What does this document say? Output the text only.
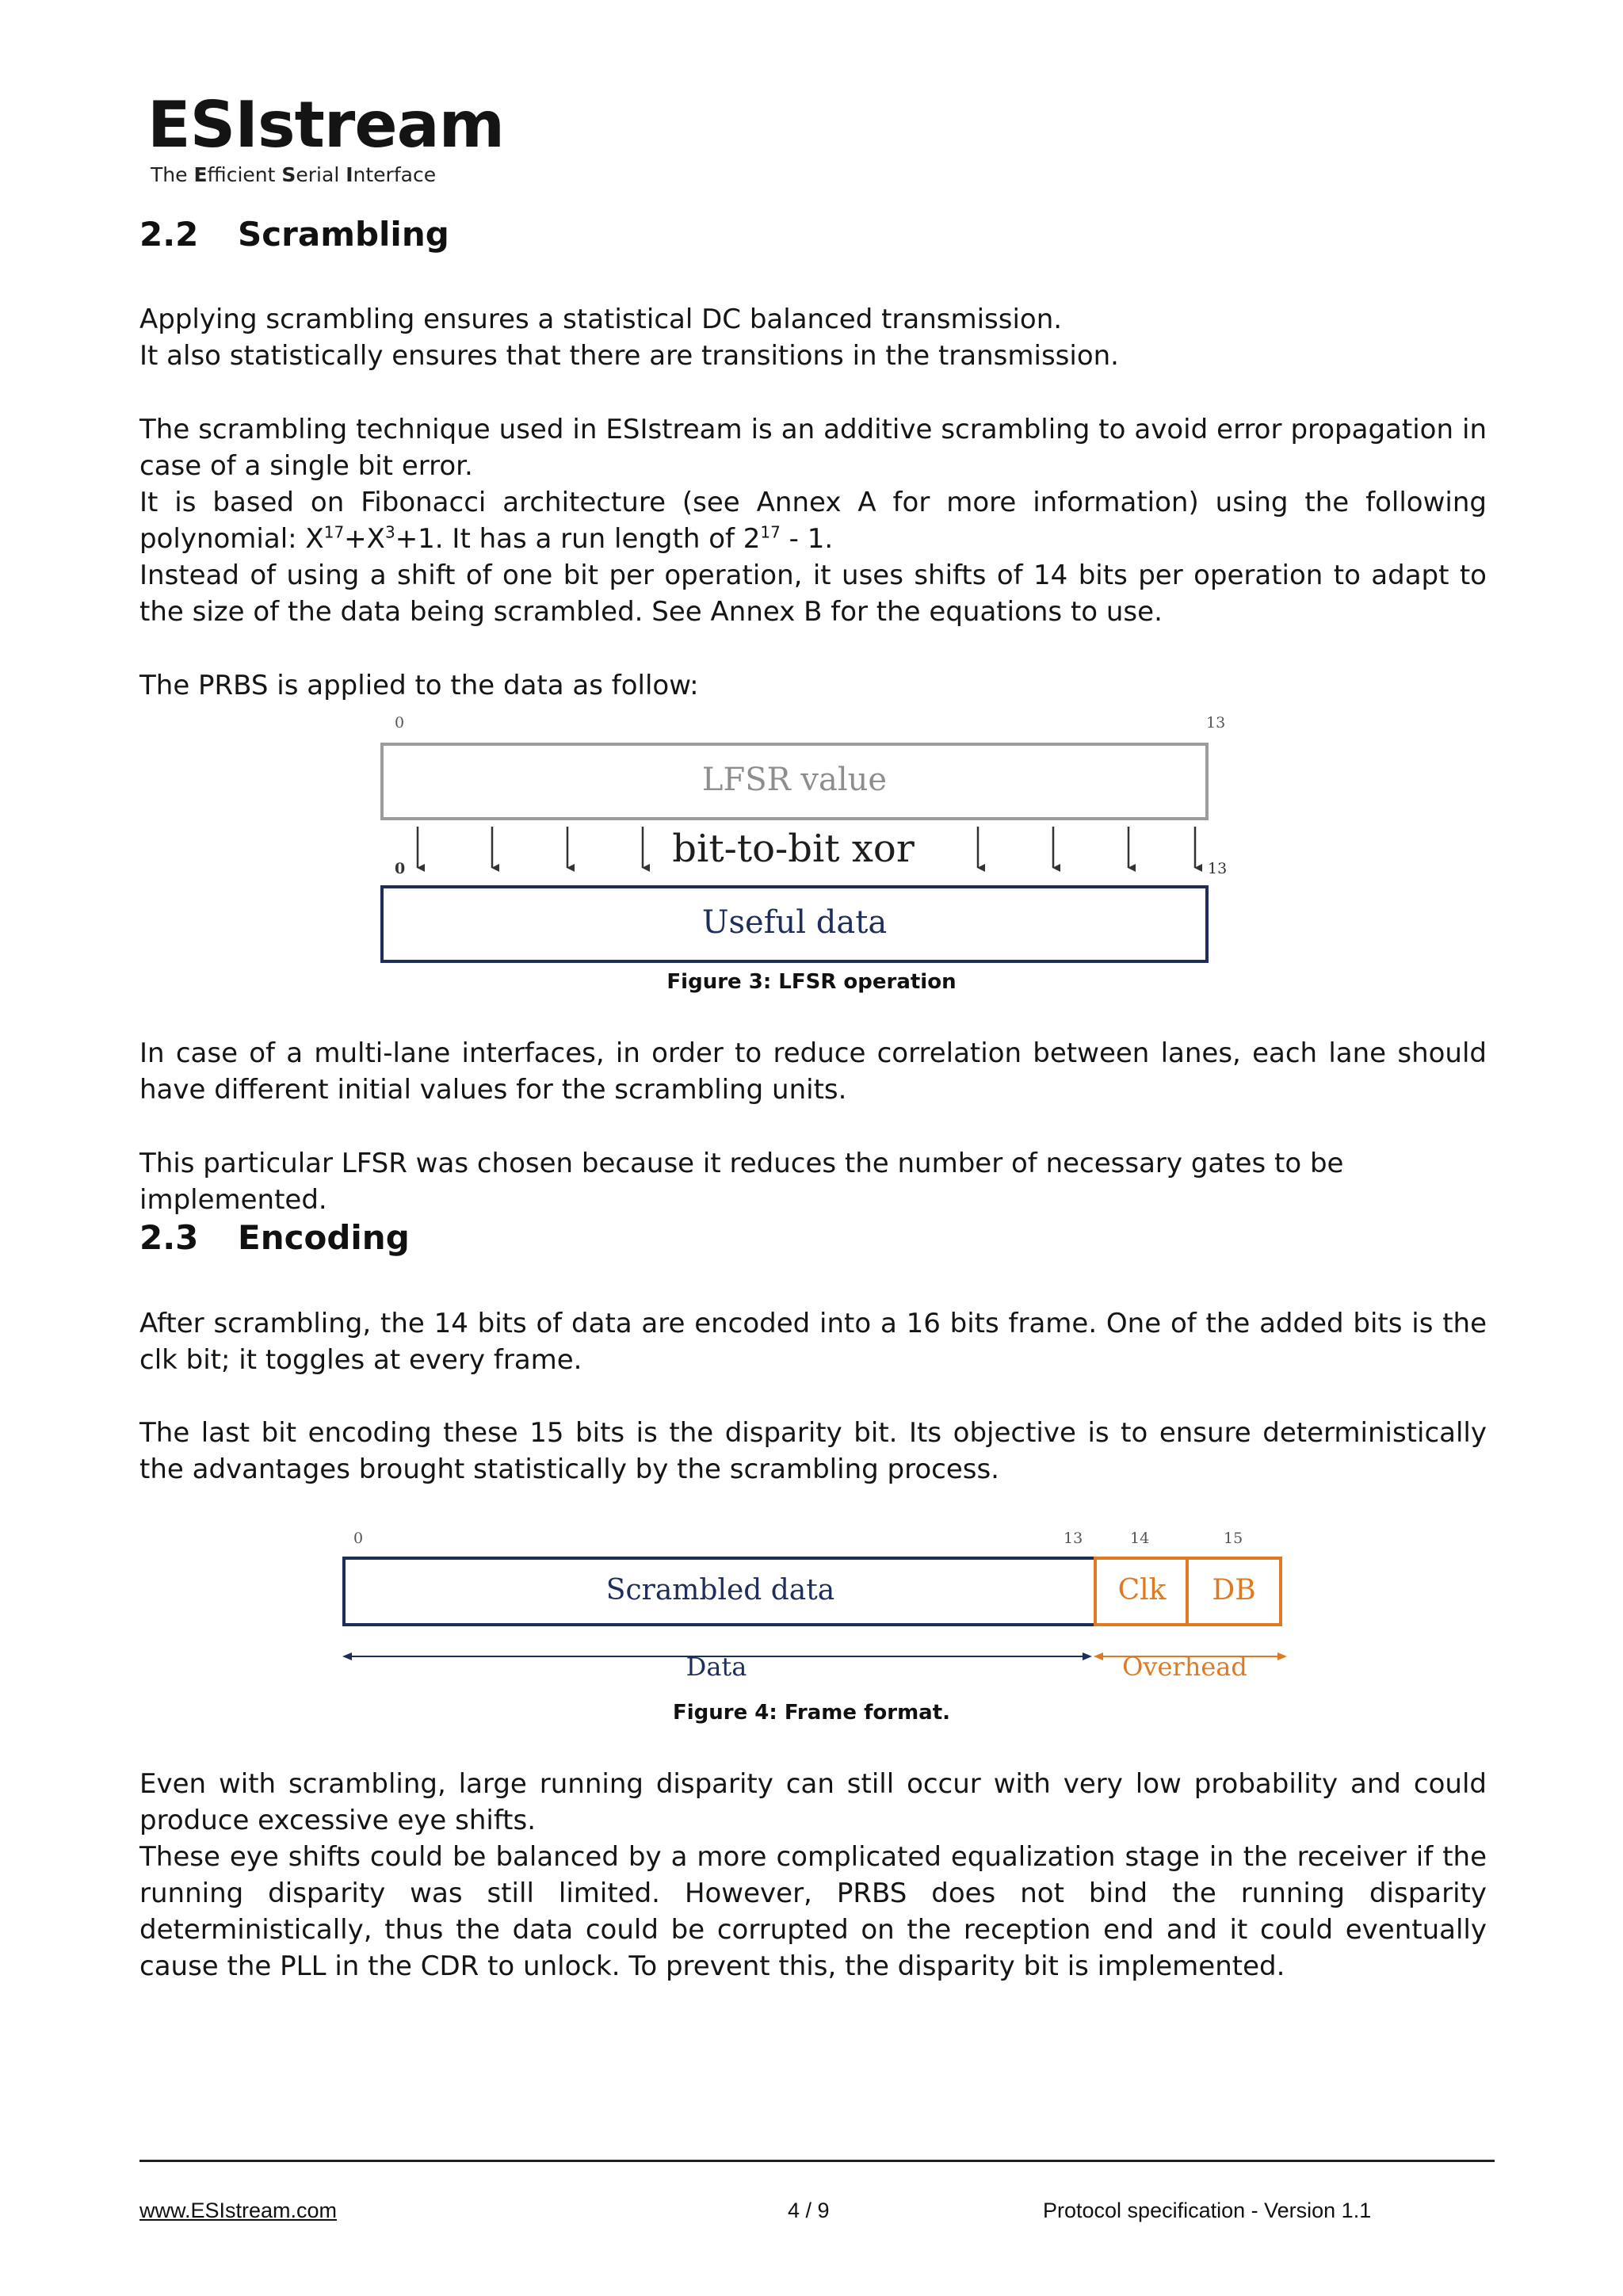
ESIstream
The Efficient Serial Interface
2.2 Scrambling

Applying scrambling ensures a statistical DC balanced transmission.

It also statistically ensures that there are transitions in the transmission.

The scrambling technique used in ESIstream is an additive scrambling to avoid error propagation in case of a single bit error.

It is based on Fibonacci architecture (see Annex A for more information) using the following polynomial: $X^{17}+X^3+1$. It has a run length of $2^{17} - 1$.

Instead of using a shift of one bit per operation, it uses shifts of 14 bits per operation to adapt to the size of the data being scrambled. See Annex B for the equations to use.

The PRBS is applied to the data as follow:

0	13
LFSR value
0	13
bit-to-bit xor
Useful data
Figure 3: LFSR operation

In case of a multi-lane interfaces, in order to reduce correlation between lanes, each lane should have different initial values for the scrambling units.

This particular LFSR was chosen because it reduces the number of necessary gates to be implemented.

2.3 Encoding

After scrambling, the 14 bits of data are encoded into a 16 bits frame. One of the added bits is the clk bit; it toggles at every frame.

The last bit encoding these 15 bits is the disparity bit. Its objective is to ensure deterministically the advantages brought statistically by the scrambling process.

0	13	14	15
Scrambled data	Clk	DB
Data	Overhead
Figure 4: Frame format.

Even with scrambling, large running disparity can still occur with very low probability and could produce excessive eye shifts.

These eye shifts could be balanced by a more complicated equalization stage in the receiver if the running disparity was still limited. However, PRBS does not bind the running disparity deterministically, thus the data could be corrupted on the reception end and it could eventually cause the PLL in the CDR to unlock. To prevent this, the disparity bit is implemented.

www.ESIstream.com	4 / 9	Protocol specification - Version 1.1
